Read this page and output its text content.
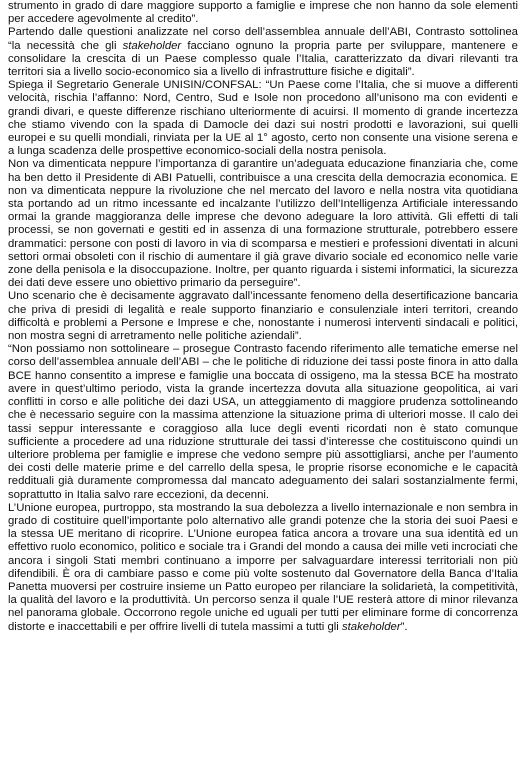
strumento in grado di dare maggiore supporto a famiglie e imprese che non hanno da sole elementi per accedere agevolmente al credito”.

Partendo dalle questioni analizzate nel corso dell’assemblea annuale dell’ABI, Contrasto sottolinea “la necessità che gli stakeholder facciano ognuno la propria parte per sviluppare, mantenere e consolidare la crescita di un Paese complesso quale l’Italia, caratterizzato da divari rilevanti tra territori sia a livello socio-economico sia a livello di infrastrutture fisiche e digitali”.

Spiega il Segretario Generale UNISIN/CONFSAL: “Un Paese come l’Italia, che si muove a differenti velocità, rischia l’affanno: Nord, Centro, Sud e Isole non procedono all’unisono ma con evidenti e grandi divari, e queste differenze rischiano ulteriormente di acuirsi. Il momento di grande incertezza che stiamo vivendo con la spada di Damocle dei dazi sui nostri prodotti e lavorazioni, sui quelli europei e su quelli mondiali, rinviata per la UE al 1° agosto, certo non consente una visione serena e a lunga scadenza delle prospettive economico-sociali della nostra penisola.

Non va dimenticata neppure l’importanza di garantire un’adeguata educazione finanziaria che, come ha ben detto il Presidente di ABI Patuelli, contribuisce a una crescita della democrazia economica. E non va dimenticata neppure la rivoluzione che nel mercato del lavoro e nella nostra vita quotidiana sta portando ad un ritmo incessante ed incalzante l’utilizzo dell’Intelligenza Artificiale interessando ormai la grande maggioranza delle imprese che devono adeguare la loro attività. Gli effetti di tali processi, se non governati e gestiti ed in assenza di una formazione strutturale, potrebbero essere drammatici: persone con posti di lavoro in via di scomparsa e mestieri e professioni diventati in alcuni settori ormai obsoleti con il rischio di aumentare il già grave divario sociale ed economico nelle varie zone della penisola e la disoccupazione. Inoltre, per quanto riguarda i sistemi informatici, la sicurezza dei dati deve essere uno obiettivo primario da perseguire”.

Uno scenario che è decisamente aggravato dall’incessante fenomeno della desertificazione bancaria che priva di presidi di legalità e reale supporto finanziario e consulenziale interi territori, creando difficoltà e problemi a Persone e Imprese e che, nonostante i numerosi interventi sindacali e politici, non mostra segni di arretramento nelle politiche aziendali”.

“Non possiamo non sottolineare – prosegue Contrasto facendo riferimento alle tematiche emerse nel corso dell’assemblea annuale dell’ABI – che le politiche di riduzione dei tassi poste finora in atto dalla BCE hanno consentito a imprese e famiglie una boccata di ossigeno, ma la stessa BCE ha mostrato avere in quest’ultimo periodo, vista la grande incertezza dovuta alla situazione geopolitica, ai vari conflitti in corso e alle politiche dei dazi USA, un atteggiamento di maggiore prudenza sottolineando che è necessario seguire con la massima attenzione la situazione prima di ulteriori mosse. Il calo dei tassi seppur interessante e coraggioso alla luce degli eventi ricordati non è stato comunque sufficiente a procedere ad una riduzione strutturale dei tassi d’interesse che costituiscono quindi un ulteriore problema per famiglie e imprese che vedono sempre più assottigliarsi, anche per l’aumento dei costi delle materie prime e del carrello della spesa, le proprie risorse economiche e le capacità reddituali già duramente compromessa dal mancato adeguamento dei salari sostanzialmente fermi, soprattutto in Italia salvo rare eccezioni, da decenni.

L’Unione europea, purtroppo, sta mostrando la sua debolezza a livello internazionale e non sembra in grado di costituire quell’importante polo alternativo alle grandi potenze che la storia dei suoi Paesi e la stessa UE meritano di ricoprire. L’Unione europea fatica ancora a trovare una sua identità ed un effettivo ruolo economico, politico e sociale tra i Grandi del mondo a causa dei mille veti incrociati che ancora i singoli Stati membri continuano a imporre per salvaguardare interessi territoriali non più difendibili. È ora di cambiare passo e come più volte sostenuto dal Governatore della Banca d’Italia Panetta muoversi per costruire insieme un Patto europeo per rilanciare la solidarietà, la competitività, la qualità del lavoro e la produttività. Un percorso senza il quale l’UE resterà attore di minor rilevanza nel panorama globale. Occorrono regole uniche ed uguali per tutti per eliminare forme di concorrenza distorte e inaccettabili e per offrire livelli di tutela massimi a tutti gli stakeholder”.
